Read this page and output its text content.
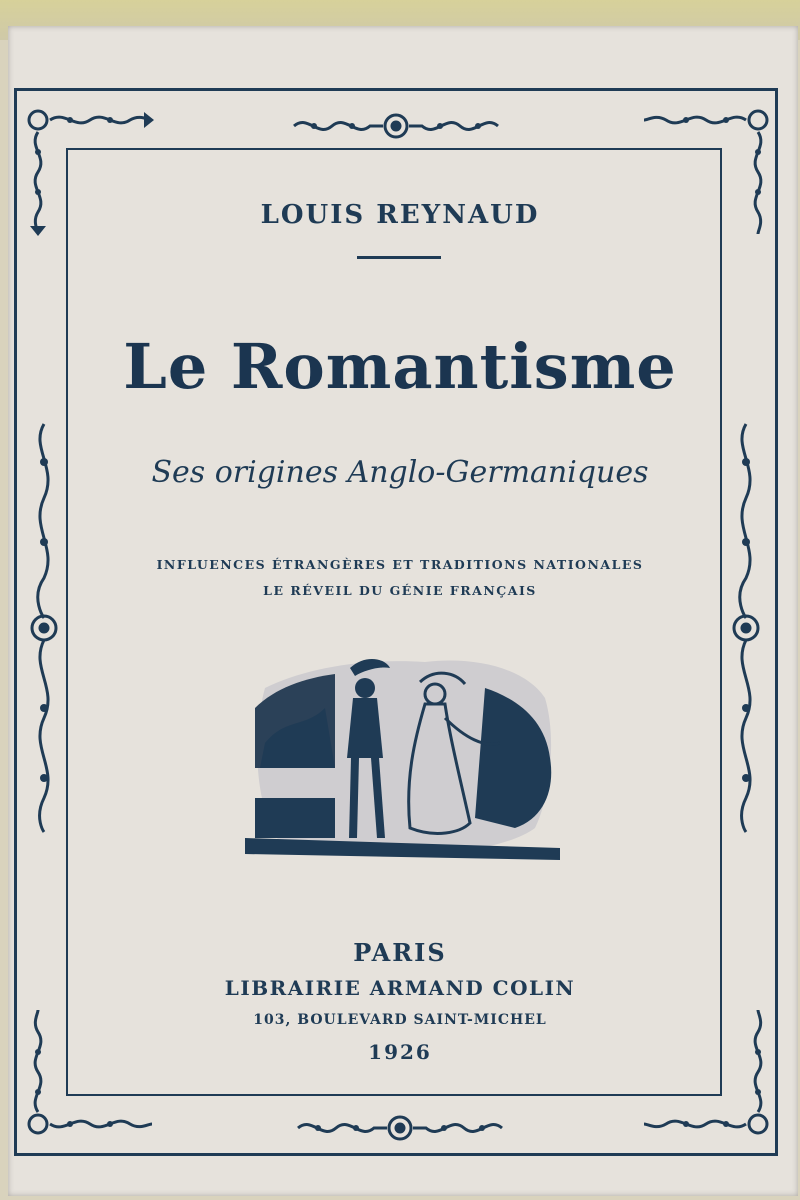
LOUIS REYNAUD
Le Romantisme
Ses origines Anglo-Germaniques
INFLUENCES ÉTRANGÈRES ET TRADITIONS NATIONALES
LE RÉVEIL DU GÉNIE FRANÇAIS
PARIS
LIBRAIRIE ARMAND COLIN
103, BOULEVARD SAINT-MICHEL
1926
